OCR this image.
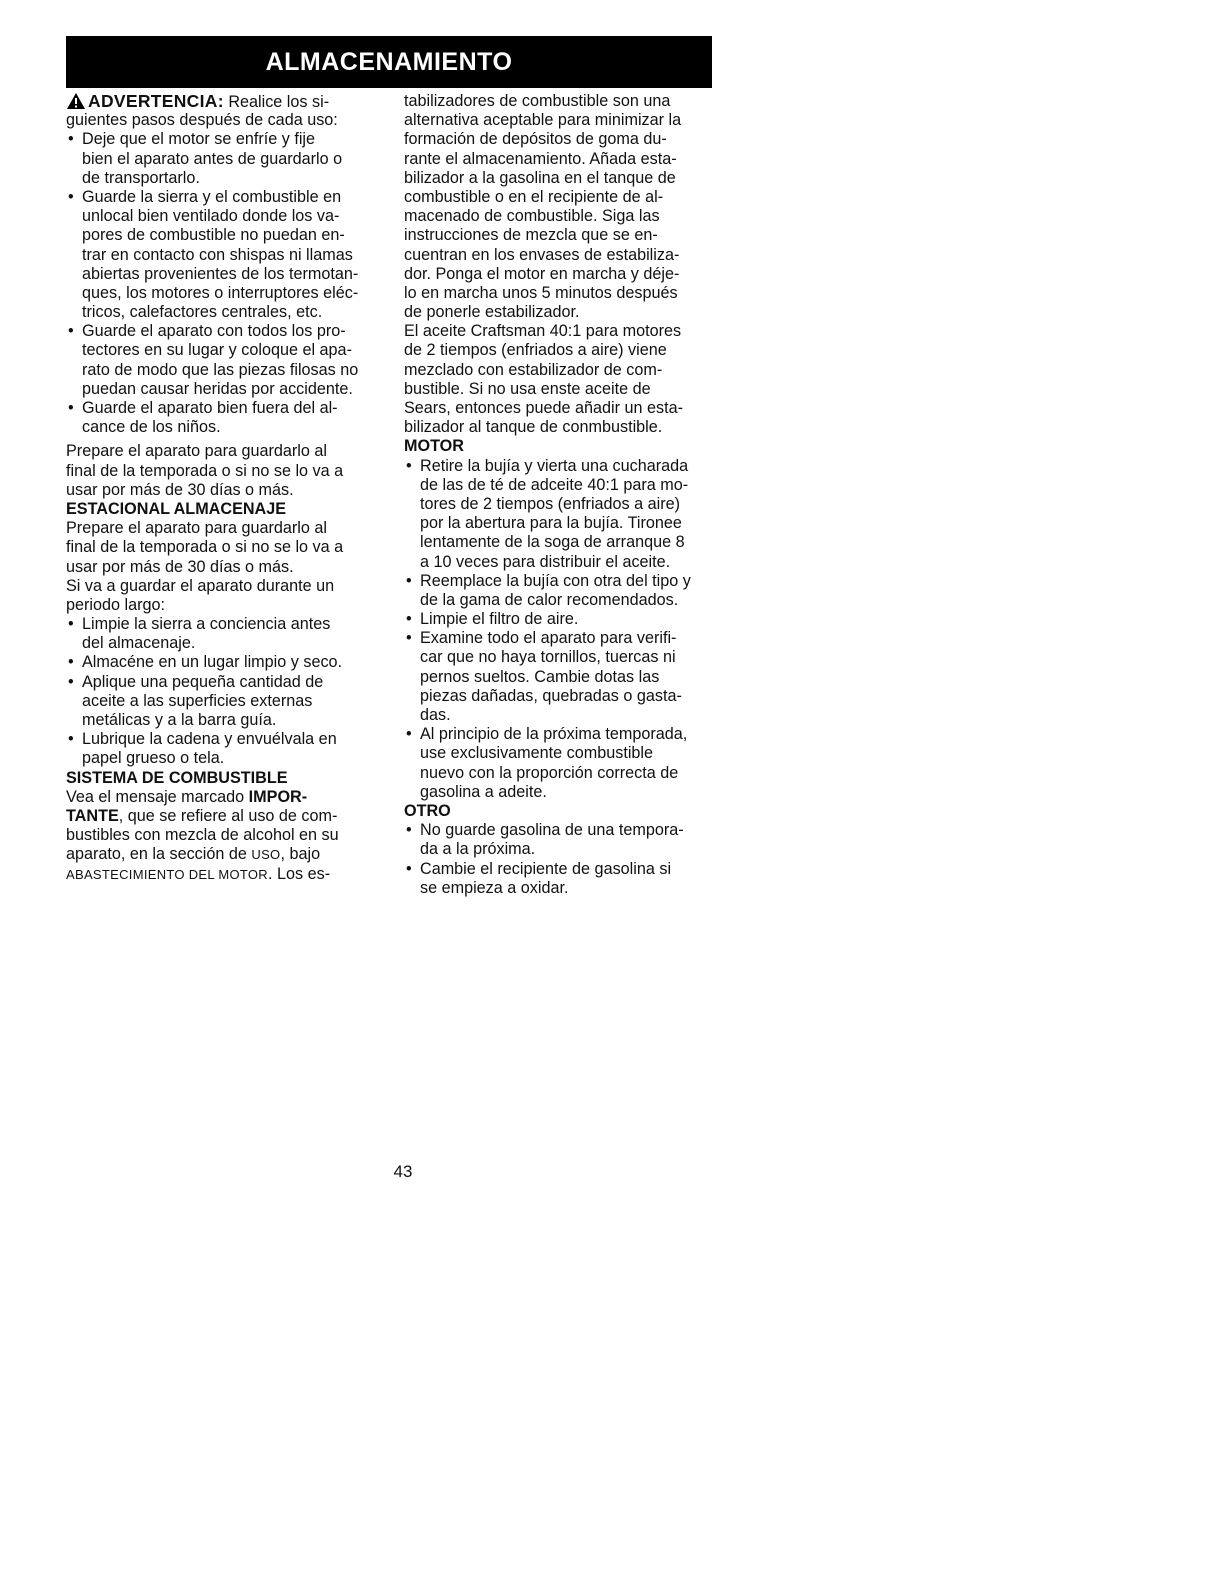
ALMACENAMIENTO
ADVERTENCIA: Realice los si-
guientes pasos después de cada uso:
• Deje que el motor se enfríe y fije
bien el aparato antes de guardarlo o
de transportarlo.
• Guarde la sierra y el combustible en
unlocal bien ventilado donde los va-
pores de combustible no puedan en-
trar en contacto con shispas ni llamas
abiertas provenientes de los termotan-
ques, los motores o interruptores eléc-
tricos, calefactores centrales, etc.
• Guarde el aparato con todos los pro-
tectores en su lugar y coloque el apa-
rato de modo que las piezas filosas no
puedan causar heridas por accidente.
• Guarde el aparato bien fuera del al-
cance de los niños.
Prepare el aparato para guardarlo al
final de la temporada o si no se lo va a
usar por más de 30 días o más.
ESTACIONAL ALMACENAJE
Prepare el aparato para guardarlo al
final de la temporada o si no se lo va a
usar por más de 30 días o más.
Si va a guardar el aparato durante un
periodo largo:
• Limpie la sierra a conciencia antes
del almacenaje.
• Almacéne en un lugar limpio y seco.
• Aplique una pequeña cantidad de
aceite a las superficies externas
metálicas y a la barra guía.
• Lubrique la cadena y envuélvala en
papel grueso o tela.
SISTEMA DE COMBUSTIBLE
Vea el mensaje marcado IMPOR-
TANTE, que se refiere al uso de com-
bustibles con mezcla de alcohol en su
aparato, en la sección de USO, bajo
ABASTECIMIENTO DEL MOTOR. Los es-
tabilizadores de combustible son una
alternativa aceptable para minimizar la
formación de depósitos de goma du-
rante el almacenamiento. Añada esta-
bilizador a la gasolina en el tanque de
combustible o en el recipiente de al-
macenado de combustible. Siga las
instrucciones de mezcla que se en-
cuentran en los envases de estabiliza-
dor. Ponga el motor en marcha y déje-
lo en marcha unos 5 minutos después
de ponerle estabilizador.
El aceite Craftsman 40:1 para motores
de 2 tiempos (enfriados a aire) viene
mezclado con estabilizador de com-
bustible. Si no usa enste aceite de
Sears, entonces puede añadir un esta-
bilizador al tanque de conmbustible.
MOTOR
• Retire la bujía y vierta una cucharada
de las de té de adceite 40:1 para mo-
tores de 2 tiempos (enfriados a aire)
por la abertura para la bujía. Tironee
lentamente de la soga de arranque 8
a 10 veces para distribuir el aceite.
• Reemplace la bujía con otra del tipo y
de la gama de calor recomendados.
• Limpie el filtro de aire.
• Examine todo el aparato para verifi-
car que no haya tornillos, tuercas ni
pernos sueltos. Cambie dotas las
piezas dañadas, quebradas o gasta-
das.
• Al principio de la próxima temporada,
use exclusivamente combustible
nuevo con la proporción correcta de
gasolina a adeite.
OTRO
• No guarde gasolina de una tempora-
da a la próxima.
• Cambie el recipiente de gasolina si
se empieza a oxidar.
43
